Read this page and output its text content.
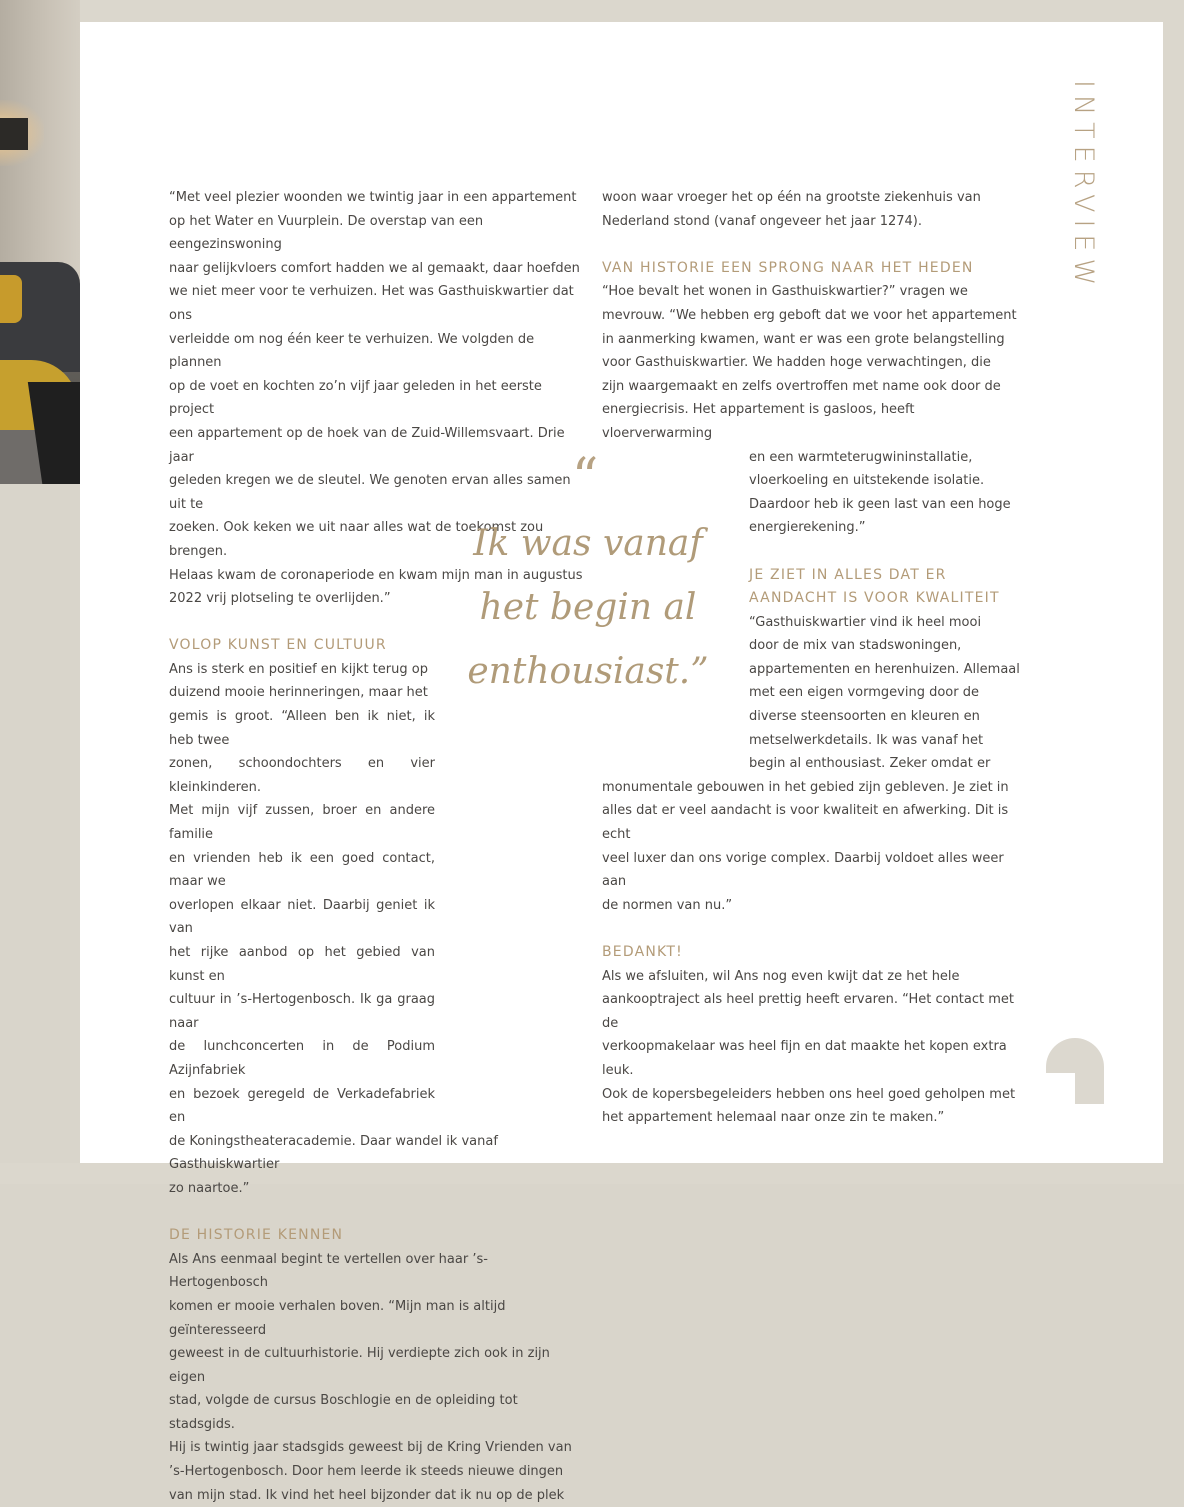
INTERVIEW

“Met veel plezier woonden we twintig jaar in een appartement

op het Water en Vuurplein. De overstap van een eengezinswoning

naar gelijkvloers comfort hadden we al gemaakt, daar hoefden

we niet meer voor te verhuizen. Het was Gasthuiskwartier dat ons

verleidde om nog één keer te verhuizen. We volgden de plannen

op de voet en kochten zo’n vijf jaar geleden in het eerste project

een appartement op de hoek van de Zuid-Willemsvaart. Drie jaar

geleden kregen we de sleutel. We genoten ervan alles samen uit te

zoeken. Ook keken we uit naar alles wat de toekomst zou brengen.

Helaas kwam de coronaperiode en kwam mijn man in augustus

2022 vrij plotseling te overlijden.”

VOLOP KUNST EN CULTUUR

Ans is sterk en positief en kijkt terug op

duizend mooie herinneringen, maar het

gemis is groot. “Alleen ben ik niet, ik heb twee

zonen, schoondochters en vier kleinkinderen.

Met mijn vijf zussen, broer en andere familie

en vrienden heb ik een goed contact, maar we

overlopen elkaar niet. Daarbij geniet ik van

het rijke aanbod op het gebied van kunst en

cultuur in ’s-Hertogenbosch. Ik ga graag naar

de lunchconcerten in de Podium Azijnfabriek

en bezoek geregeld de Verkadefabriek en

de Koningstheateracademie. Daar wandel ik vanaf Gasthuiskwartier

zo naartoe.”

DE HISTORIE KENNEN

Als Ans eenmaal begint te vertellen over haar ’s-Hertogenbosch

komen er mooie verhalen boven. “Mijn man is altijd geïnteresseerd

geweest in de cultuurhistorie. Hij verdiepte zich ook in zijn eigen

stad, volgde de cursus Boschlogie en de opleiding tot stadsgids.

Hij is twintig jaar stadsgids geweest bij de Kring Vrienden van

’s-Hertogenbosch. Door hem leerde ik steeds nieuwe dingen

van mijn stad. Ik vind het heel bijzonder dat ik nu op de plek

woon waar vroeger het op één na grootste ziekenhuis van

Nederland stond (vanaf ongeveer het jaar 1274).

VAN HISTORIE EEN SPRONG NAAR HET HEDEN

“Hoe bevalt het wonen in Gasthuiskwartier?” vragen we

mevrouw. “We hebben erg geboft dat we voor het appartement

in aanmerking kwamen, want er was een grote belangstelling

voor Gasthuiskwartier. We hadden hoge verwachtingen, die

zijn waargemaakt en zelfs overtroffen met name ook door de

energiecrisis. Het appartement is gasloos, heeft vloerverwarming

en een warmteterugwininstallatie,

vloerkoeling en uitstekende isolatie.

Daardoor heb ik geen last van een hoge

energierekening.”

JE ZIET IN ALLES DAT ER

AANDACHT IS VOOR KWALITEIT

“Gasthuiskwartier vind ik heel mooi

door de mix van stadswoningen,

appartementen en herenhuizen. Allemaal

met een eigen vormgeving door de

diverse steensoorten en kleuren en

metselwerkdetails. Ik was vanaf het

begin al enthousiast. Zeker omdat er

monumentale gebouwen in het gebied zijn gebleven. Je ziet in

alles dat er veel aandacht is voor kwaliteit en afwerking. Dit is echt

veel luxer dan ons vorige complex. Daarbij voldoet alles weer aan

de normen van nu.”

BEDANKT!

Als we afsluiten, wil Ans nog even kwijt dat ze het hele

aankooptraject als heel prettig heeft ervaren. “Het contact met de

verkoopmakelaar was heel fijn en dat maakte het kopen extra leuk.

Ook de kopersbegeleiders hebben ons heel goed geholpen met

het appartement helemaal naar onze zin te maken.”

“
Ik was vanaf
het begin al
enthousiast.”
